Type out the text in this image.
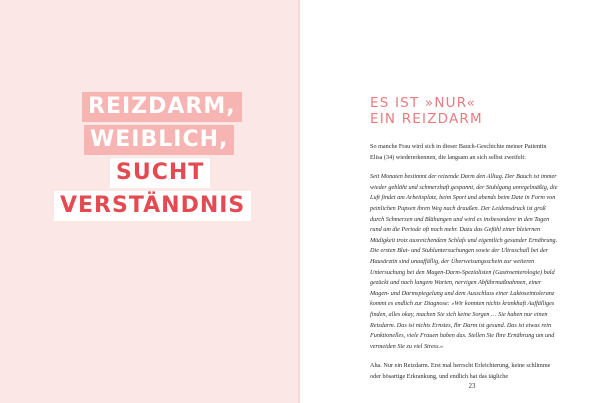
REIZDARM,
WEIBLICH,
SUCHT
VERSTÄNDNIS
ES IST »NUR«
EIN REIZDARM

So manche Frau wird sich in dieser Bauch-Geschichte meiner Patientin Elisa (34) wiedererkennen, die langsam an sich selbst zweifelt:

Seit Monaten bestimmt der reizende Darm den Alltag. Der Bauch ist immer wieder gebläht und schmerzhaft gespannt, der Stuhlgang unregelmäßig, die Luft findet am Arbeitsplatz, beim Sport und abends beim Date in Form von peinlichen Pupsen ihren Weg nach draußen. Der Leidensdruck ist groß durch Schmerzen und Blähungen und wird es insbesondere in den Tagen rund um die Periode oft noch mehr. Dazu das Gefühl einer bleiernen Müdigkeit trotz ausreichendem Schlafs und eigentlich gesunder Ernährung. Die ersten Blut- und Stuhluntersuchungen sowie der Ultraschall bei der Hausärztin sind unauffällig, der Überweisungsschein zur weiteren Untersuchung bei den Magen-Darm-Spezialisten (Gastroenterologie) bald gezückt und nach langem Warten, nervigen Abführmaßnahmen, einer Magen- und Darmspiegelung und dem Ausschluss einer Laktoseintoleranz kommt es endlich zur Diagnose: »Wir konnten nichts krankhaft Auffälliges finden, alles okay, machen Sie sich keine Sorgen … Sie haben nur einen Reizdarm. Das ist nichts Ernstes, Ihr Darm ist gesund. Das ist etwas rein Funktionelles, viele Frauen haben das. Stellen Sie Ihre Ernährung um und vermeiden Sie zu viel Stress.«

Aha. Nur ein Reizdarm. Erst mal herrscht Erleichterung, keine schlimme oder bösartige Erkrankung, und endlich hat das tägliche

23
